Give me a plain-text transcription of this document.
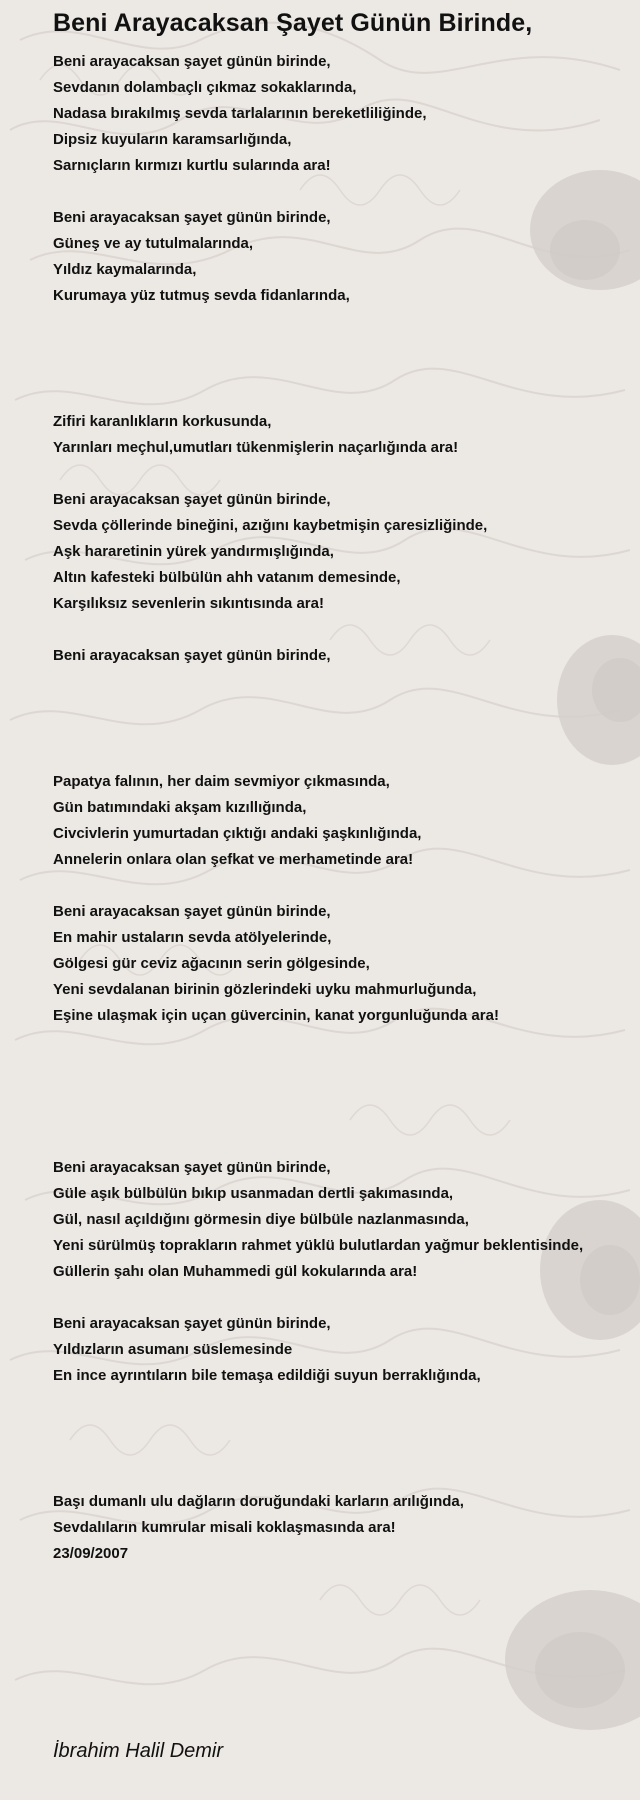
Beni Arayacaksan Şayet Günün Birinde,
Beni arayacaksan şayet günün birinde,
Sevdanın dolambaçlı çıkmaz sokaklarında,
Nadasa bırakılmış sevda tarlalarının bereketliliğinde,
Dipsiz kuyuların karamsarlığında,
Sarnıçların kırmızı kurtlu sularında ara!
Beni arayacaksan şayet günün birinde,
Güneş ve ay tutulmalarında,
Yıldız kaymalarında,
Kurumaya yüz tutmuş sevda fidanlarında,
Zifiri karanlıkların korkusunda,
Yarınları meçhul,umutları tükenmişlerin naçarlığında ara!
Beni arayacaksan şayet günün birinde,
Sevda çöllerinde bineğini, azığını kaybetmişin çaresizliğinde,
Aşk hararetinin yürek yandırmışlığında,
Altın kafesteki bülbülün ahh vatanım demesinde,
Karşılıksız sevenlerin sıkıntısında ara!
Beni arayacaksan şayet günün birinde,
Papatya falının, her daim sevmiyor çıkmasında,
Gün batımındaki akşam kızıllığında,
Civcivlerin yumurtadan çıktığı andaki şaşkınlığında,
Annelerin onlara olan şefkat ve merhametinde ara!
Beni arayacaksan şayet günün birinde,
En mahir ustaların sevda atölyelerinde,
Gölgesi gür ceviz ağacının serin gölgesinde,
Yeni sevdalanan birinin gözlerindeki uyku mahmurluğunda,
Eşine ulaşmak için uçan güvercinin, kanat yorgunluğunda ara!
Beni arayacaksan şayet günün birinde,
Güle aşık bülbülün bıkıp usanmadan dertli şakımasında,
Gül, nasıl açıldığını görmesin diye bülbüle nazlanmasında,
Yeni sürülmüş toprakların rahmet yüklü bulutlardan yağmur beklentisinde,
Güllerin şahı olan Muhammedi gül kokularında ara!
Beni arayacaksan şayet günün birinde,
Yıldızların asumanı süslemesinde
En ince ayrıntıların bile temaşa edildiği suyun berraklığında,
Başı dumanlı ulu dağların doruğundaki karların arılığında,
Sevdalıların kumrular misali koklaşmasında ara!
23/09/2007
İbrahim Halil Demir
